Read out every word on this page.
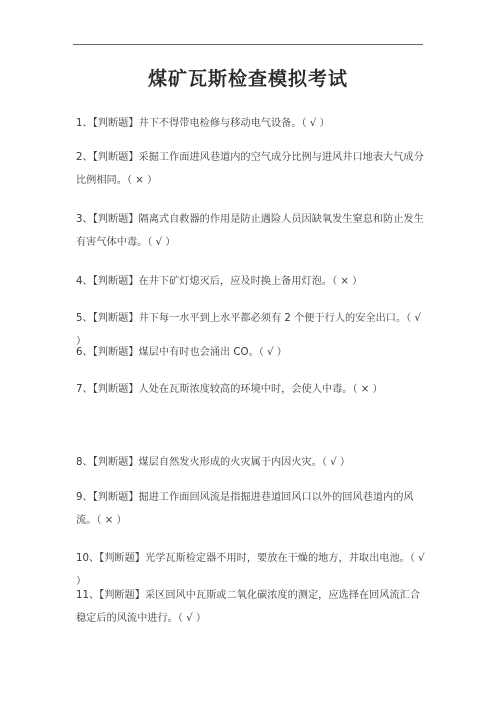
煤矿瓦斯检查模拟考试
1、【判断题】井下不得带电检修与移动电气设备。（ √ ）
2、【判断题】采掘工作面进风巷道内的空气成分比例与进风井口地表大气成分比例相同。（ × ）
3、【判断题】隔离式自救器的作用是防止遇险人员因缺氧发生窒息和防止发生有害气体中毒。（ √ ）
4、【判断题】在井下矿灯熄灭后，应及时换上备用灯泡。（ × ）
5、【判断题】井下每一水平到上水平都必须有 2 个便于行人的安全出口。（ √ ）
6、【判断题】煤层中有时也会涌出 CO。（ √ ）
7、【判断题】人处在瓦斯浓度较高的环境中时，会使人中毒。（ × ）
8、【判断题】煤层自然发火形成的火灾属于内因火灾。（ √ ）
9、【判断题】掘进工作面回风流是指掘进巷道回风口以外的回风巷道内的风流。（ × ）
10、【判断题】光学瓦斯检定器不用时，要放在干燥的地方，并取出电池。（ √ ）
11、【判断题】采区回风中瓦斯或二氧化碳浓度的测定，应选择在回风流汇合稳定后的风流中进行。（ √ ）
